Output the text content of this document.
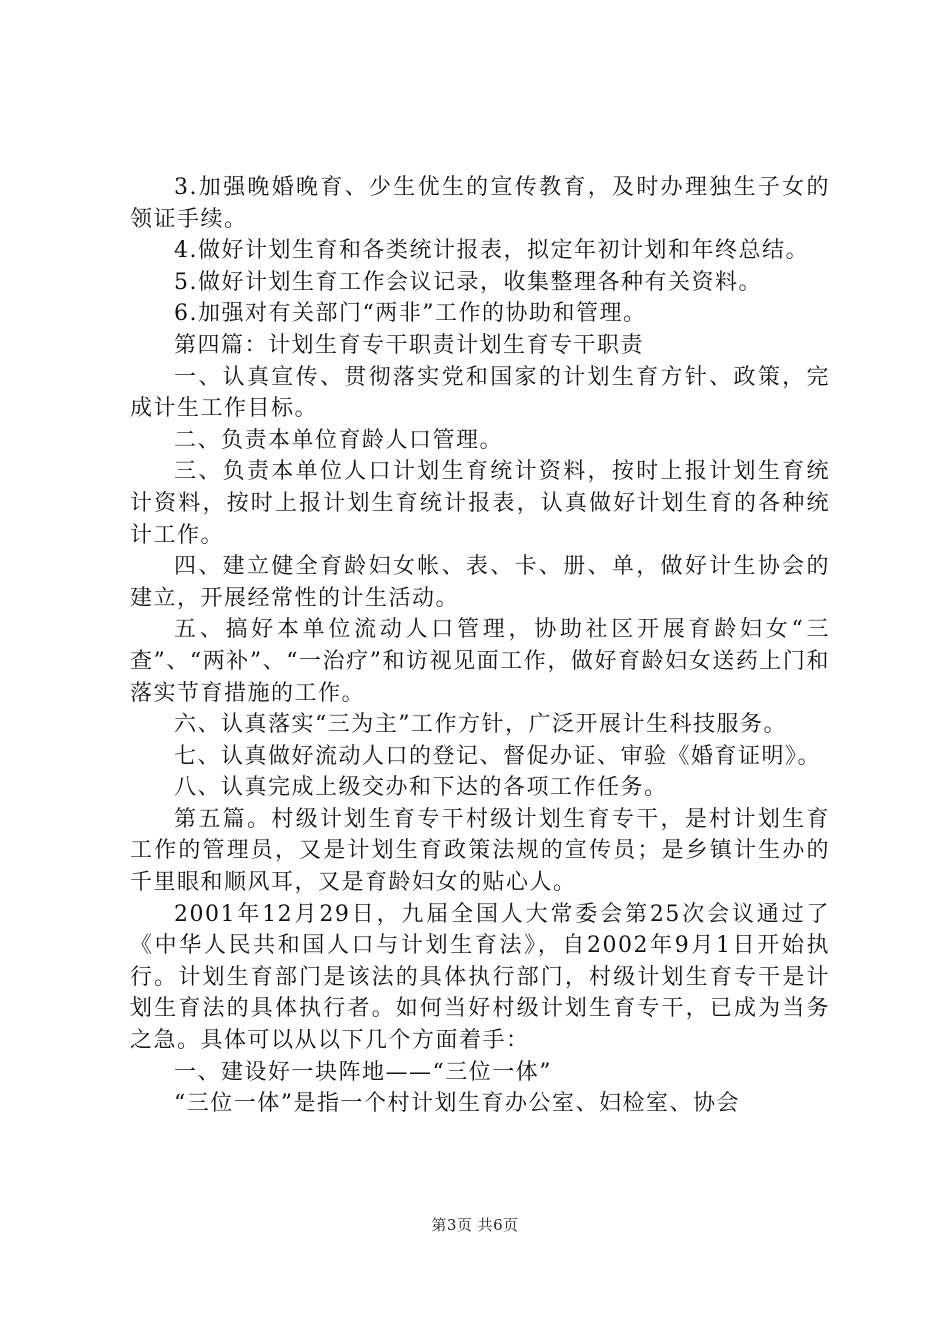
3.加强晚婚晚育、少生优生的宣传教育，及时办理独生子女的领证手续。

4.做好计划生育和各类统计报表，拟定年初计划和年终总结。

5.做好计划生育工作会议记录，收集整理各种有关资料。

6.加强对有关部门“两非”工作的协助和管理。

第四篇：计划生育专干职责计划生育专干职责

一、认真宣传、贯彻落实党和国家的计划生育方针、政策，完成计生工作目标。

二、负责本单位育龄人口管理。

三、负责本单位人口计划生育统计资料，按时上报计划生育统计资料，按时上报计划生育统计报表，认真做好计划生育的各种统计工作。

四、建立健全育龄妇女帐、表、卡、册、单，做好计生协会的建立，开展经常性的计生活动。

五、搞好本单位流动人口管理，协助社区开展育龄妇女“三查”、“两补”、“一治疗”和访视见面工作，做好育龄妇女送药上门和落实节育措施的工作。

六、认真落实“三为主”工作方针，广泛开展计生科技服务。

七、认真做好流动人口的登记、督促办证、审验《婚育证明》。

八、认真完成上级交办和下达的各项工作任务。

第五篇。村级计划生育专干村级计划生育专干，是村计划生育工作的管理员，又是计划生育政策法规的宣传员；是乡镇计生办的千里眼和顺风耳，又是育龄妇女的贴心人。

2001年12月29日，九届全国人大常委会第25次会议通过了《中华人民共和国人口与计划生育法》，自2002年9月1日开始执行。计划生育部门是该法的具体执行部门，村级计划生育专干是计划生育法的具体执行者。如何当好村级计划生育专干，已成为当务之急。具体可以从以下几个方面着手：

一、建设好一块阵地——“三位一体”

“三位一体”是指一个村计划生育办公室、妇检室、协会

第3页 共6页
